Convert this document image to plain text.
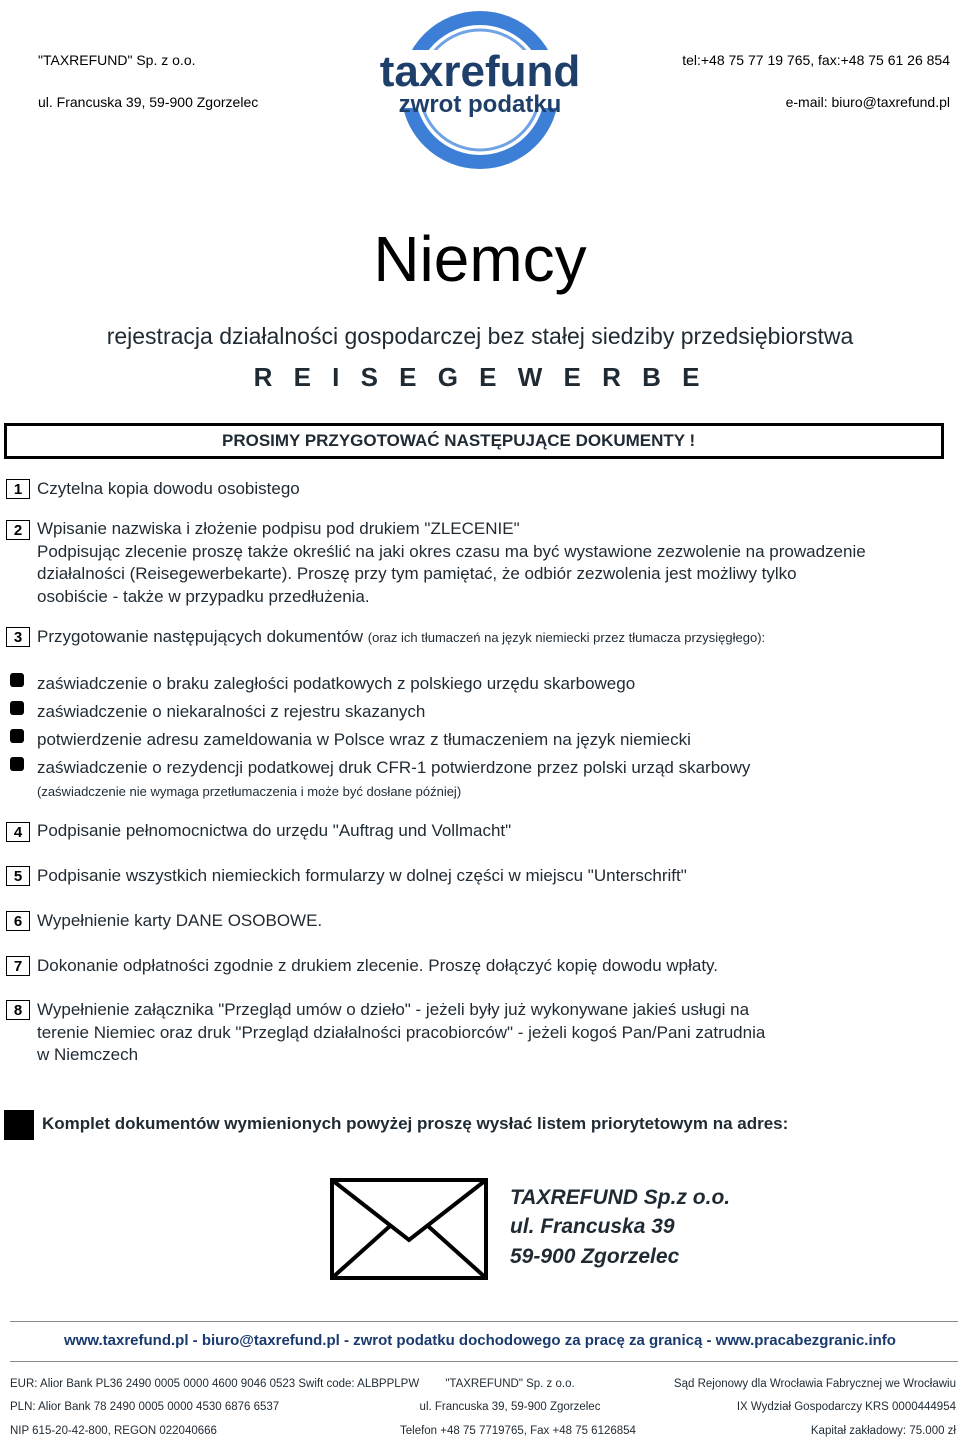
"TAXREFUND" Sp. z o.o.
ul. Francuska 39, 59-900 Zgorzelec
tel:+48 75 77 19 765, fax:+48 75 61 26 854
e-mail: biuro@taxrefund.pl
taxrefund
zwrot podatku
Niemcy
rejestracja działalności gospodarczej bez stałej siedziby przedsiębiorstwa
R E I S E G E W E R B E
PROSIMY PRZYGOTOWAĆ NASTĘPUJĄCE DOKUMENTY !
1 Czytelna kopia dowodu osobistego
2 Wpisanie nazwiska i złożenie podpisu pod drukiem "ZLECENIE"
Podpisując zlecenie proszę także określić na jaki okres czasu ma być wystawione zezwolenie na prowadzenie
działalności (Reisegewerbekarte). Proszę przy tym pamiętać, że odbiór zezwolenia jest możliwy tylko
osobiście - także w przypadku przedłużenia.
3 Przygotowanie następujących dokumentów (oraz ich tłumaczeń na język niemiecki przez tłumacza przysięgłego):
zaświadczenie o braku zaległości podatkowych z polskiego urzędu skarbowego
zaświadczenie o niekaralności z rejestru skazanych
potwierdzenie adresu zameldowania w Polsce wraz z tłumaczeniem na język niemiecki
zaświadczenie o rezydencji podatkowej druk CFR-1 potwierdzone przez polski urząd skarbowy
(zaświadczenie nie wymaga przetłumaczenia i może być dosłane później)
4 Podpisanie pełnomocnictwa do urzędu "Auftrag und Vollmacht"
5 Podpisanie wszystkich niemieckich formularzy w dolnej części w miejscu "Unterschrift"
6 Wypełnienie karty DANE OSOBOWE.
7 Dokonanie odpłatności zgodnie z drukiem zlecenie. Proszę dołączyć kopię dowodu wpłaty.
8 Wypełnienie załącznika "Przegląd umów o dzieło" - jeżeli były już wykonywane jakieś usługi na
terenie Niemiec oraz druk "Przegląd działalności pracobiorców" - jeżeli kogoś Pan/Pani zatrudnia
w Niemczech
Komplet dokumentów wymienionych powyżej proszę wysłać listem priorytetowym na adres:
TAXREFUND Sp.z o.o.
ul. Francuska 39
59-900 Zgorzelec
www.taxrefund.pl - biuro@taxrefund.pl - zwrot podatku dochodowego za pracę za granicą - www.pracabezgranic.info
EUR: Alior Bank PL36 2490 0005 0000 4600 9046 0523 Swift code: ALBPPLPW
PLN: Alior Bank 78 2490 0005 0000 4530 6876 6537
NIP 615-20-42-800, REGON 022040666
"TAXREFUND" Sp. z o.o.
ul. Francuska 39, 59-900 Zgorzelec
Telefon +48 75 7719765, Fax +48 75 6126854
Sąd Rejonowy dla Wrocławia Fabrycznej we Wrocławiu
IX Wydział Gospodarczy KRS 0000444954
Kapitał zakładowy: 75.000 zł
